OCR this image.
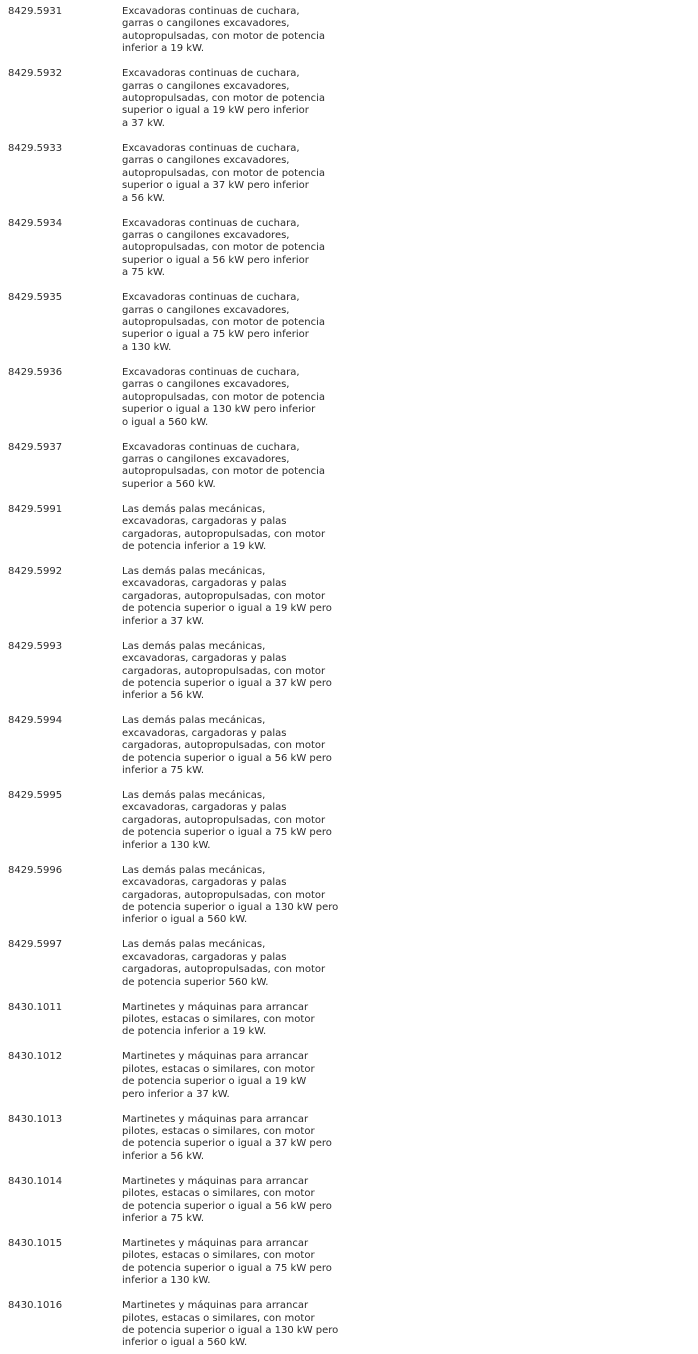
8429.5931	Excavadoras continuas de cuchara,
garras o cangilones excavadores,
autopropulsadas, con motor de potencia
inferior a 19 kW.
8429.5932	Excavadoras continuas de cuchara,
garras o cangilones excavadores,
autopropulsadas, con motor de potencia
superior o igual a 19 kW pero inferior
a 37 kW.
8429.5933	Excavadoras continuas de cuchara,
garras o cangilones excavadores,
autopropulsadas, con motor de potencia
superior o igual a 37 kW pero inferior
a 56 kW.
8429.5934	Excavadoras continuas de cuchara,
garras o cangilones excavadores,
autopropulsadas, con motor de potencia
superior o igual a 56 kW pero inferior
a 75 kW.
8429.5935	Excavadoras continuas de cuchara,
garras o cangilones excavadores,
autopropulsadas, con motor de potencia
superior o igual a 75 kW pero inferior
a 130 kW.
8429.5936	Excavadoras continuas de cuchara,
garras o cangilones excavadores,
autopropulsadas, con motor de potencia
superior o igual a 130 kW pero inferior
o igual a 560 kW.
8429.5937	Excavadoras continuas de cuchara,
garras o cangilones excavadores,
autopropulsadas, con motor de potencia
superior a 560 kW.
8429.5991	Las demás palas mecánicas,
excavadoras, cargadoras y palas
cargadoras, autopropulsadas, con motor
de potencia inferior a 19 kW.
8429.5992	Las demás palas mecánicas,
excavadoras, cargadoras y palas
cargadoras, autopropulsadas, con motor
de potencia superior o igual a 19 kW pero
inferior a 37 kW.
8429.5993	Las demás palas mecánicas,
excavadoras, cargadoras y palas
cargadoras, autopropulsadas, con motor
de potencia superior o igual a 37 kW pero
inferior a 56 kW.
8429.5994	Las demás palas mecánicas,
excavadoras, cargadoras y palas
cargadoras, autopropulsadas, con motor
de potencia superior o igual a 56 kW pero
inferior a 75 kW.
8429.5995	Las demás palas mecánicas,
excavadoras, cargadoras y palas
cargadoras, autopropulsadas, con motor
de potencia superior o igual a 75 kW pero
inferior a 130 kW.
8429.5996	Las demás palas mecánicas,
excavadoras, cargadoras y palas
cargadoras, autopropulsadas, con motor
de potencia superior o igual a 130 kW pero
inferior o igual a 560 kW.
8429.5997	Las demás palas mecánicas,
excavadoras, cargadoras y palas
cargadoras, autopropulsadas, con motor
de potencia superior 560 kW.
8430.1011	Martinetes y máquinas para arrancar
pilotes, estacas o similares, con motor
de potencia inferior a 19 kW.
8430.1012	Martinetes y máquinas para arrancar
pilotes, estacas o similares, con motor
de potencia superior o igual a 19 kW
pero inferior a 37 kW.
8430.1013	Martinetes y máquinas para arrancar
pilotes, estacas o similares, con motor
de potencia superior o igual a 37 kW pero
inferior a 56 kW.
8430.1014	Martinetes y máquinas para arrancar
pilotes, estacas o similares, con motor
de potencia superior o igual a 56 kW pero
inferior a 75 kW.
8430.1015	Martinetes y máquinas para arrancar
pilotes, estacas o similares, con motor
de potencia superior o igual a 75 kW pero
inferior a 130 kW.
8430.1016	Martinetes y máquinas para arrancar
pilotes, estacas o similares, con motor
de potencia superior o igual a 130 kW pero
inferior o igual a 560 kW.
